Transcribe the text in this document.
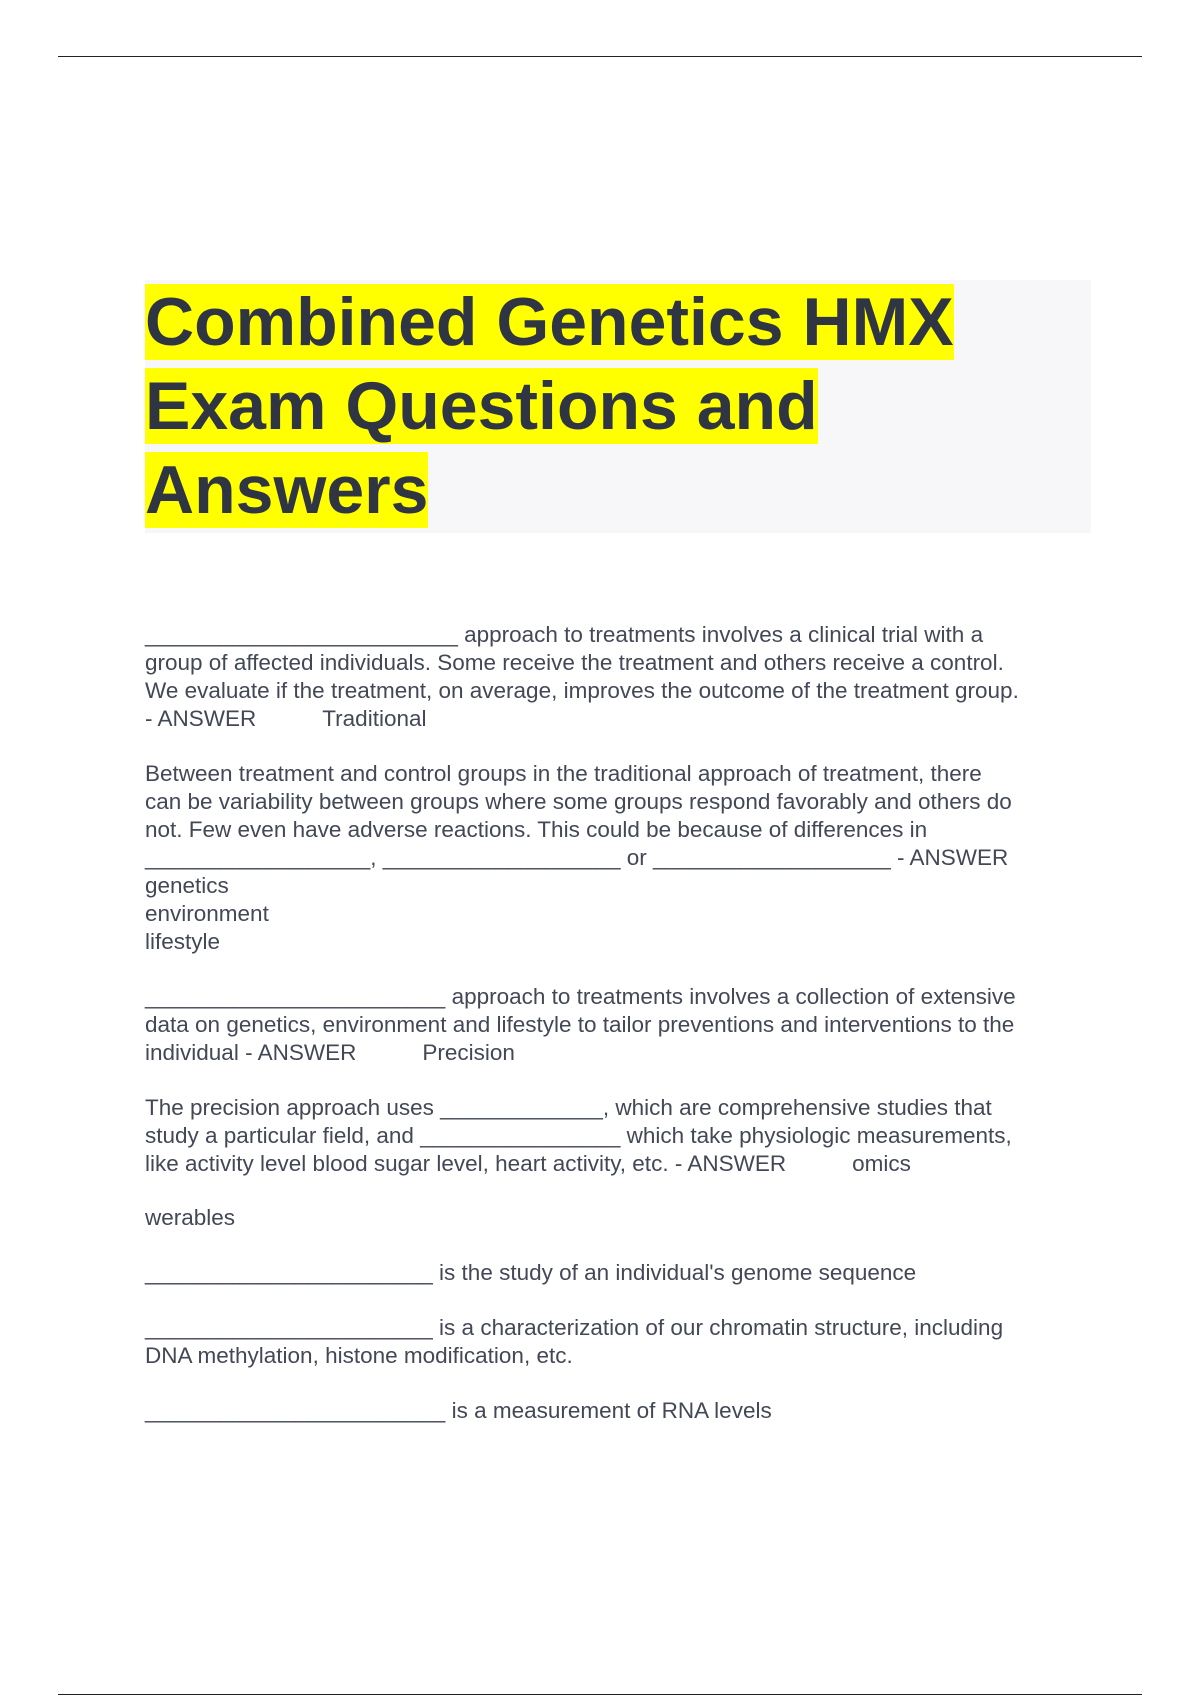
Combined Genetics HMX
Exam Questions and
Answers
_________________________ approach to treatments involves a clinical trial with a
group of affected individuals. Some receive the treatment and others receive a control.
We evaluate if the treatment, on average, improves the outcome of the treatment group.
- ANSWER	Traditional
Between treatment and control groups in the traditional approach of treatment, there
can be variability between groups where some groups respond favorably and others do
not. Few even have adverse reactions. This could be because of differences in
__________________, ___________________ or ___________________ - ANSWER
genetics
environment
lifestyle
________________________ approach to treatments involves a collection of extensive
data on genetics, environment and lifestyle to tailor preventions and interventions to the
individual - ANSWER	Precision
The precision approach uses _____________, which are comprehensive studies that
study a particular field, and ________________ which take physiologic measurements,
like activity level blood sugar level, heart activity, etc. - ANSWER	omics
werables
_______________________ is the study of an individual's genome sequence
_______________________ is a characterization of our chromatin structure, including
DNA methylation, histone modification, etc.
________________________ is a measurement of RNA levels
